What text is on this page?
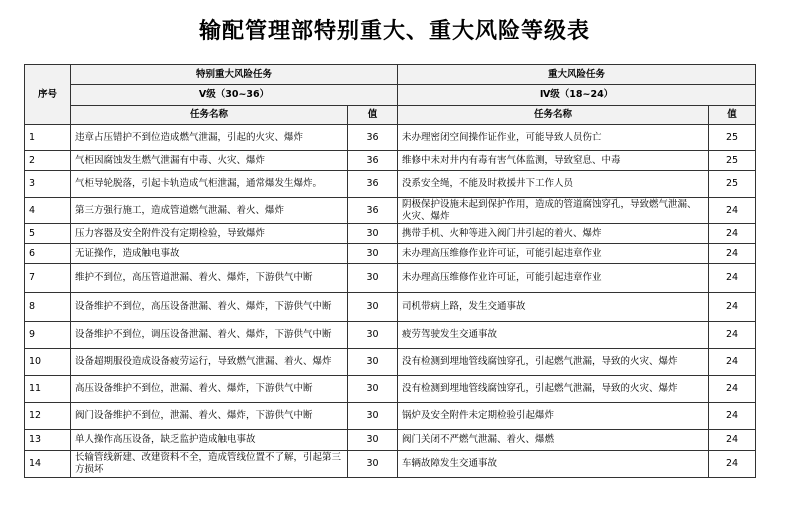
输配管理部特别重大、重大风险等级表
序号	特别重大风险任务		重大风险任务	
	Ⅴ级（30~36）		Ⅳ级（18~24）	
	任务名称	值	任务名称	值
1	违章占压错护不到位造成燃气泄漏，引起的火灾、爆炸	36	未办理密闭空间操作证作业，可能导致人员伤亡	25
2	气柜因腐蚀发生燃气泄漏有中毒、火灾、爆炸	36	维修中未对井内有毒有害气体监测，导致窒息、中毒	25
3	气柜导轮脱落，引起卡轨造成气柜泄漏，通常爆发生爆炸。	36	没系安全绳，不能及时救援井下工作人员	25
4	第三方强行施工，造成管道燃气泄漏、着火、爆炸	36	阴极保护设施未起到保护作用，造成的管道腐蚀穿孔，导致燃气泄漏、火灾、爆炸	24
5	压力容器及安全附件没有定期检验，导致爆炸	30	携带手机、火种等进入阀门井引起的着火、爆炸	24
6	无证操作，造成触电事故	30	未办理高压维修作业许可证，可能引起违章作业	24
7	维护不到位，高压管道泄漏、着火、爆炸，下游供气中断	30	未办理高压维修作业许可证，可能引起违章作业	24
8	设备维护不到位，高压设备泄漏、着火、爆炸，下游供气中断	30	司机带病上路，发生交通事故	24
9	设备维护不到位，调压设备泄漏、着火、爆炸，下游供气中断	30	疲劳驾驶发生交通事故	24
10	设备超期服役造成设备疲劳运行，导致燃气泄漏、着火、爆炸	30	没有检测到埋地管线腐蚀穿孔，引起燃气泄漏，导致的火灾、爆炸	24
11	高压设备维护不到位，泄漏、着火、爆炸，下游供气中断	30	没有检测到埋地管线腐蚀穿孔，引起燃气泄漏，导致的火灾、爆炸	24
12	阀门设备维护不到位，泄漏、着火、爆炸，下游供气中断	30	锅炉及安全附件未定期检验引起爆炸	24
13	单人操作高压设备，缺乏监护造成触电事故	30	阀门关闭不严燃气泄漏、着火、爆燃	24
14	长输管线新建、改建资料不全，造成管线位置不了解，引起第三方损坏	30	车辆故障发生交通事故	24
